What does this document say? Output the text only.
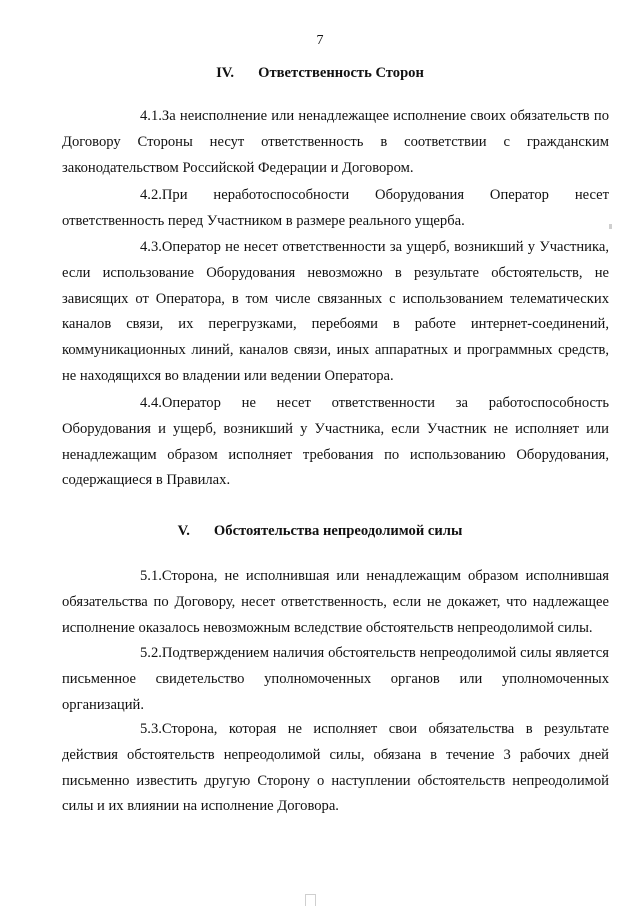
7
IV. Ответственность Сторон

4.1.За неисполнение или ненадлежащее исполнение своих обязательств по Договору Стороны несут ответственность в соответствии с гражданским законодательством Российской Федерации и Договором.

4.2.При неработоспособности Оборудования Оператор несет ответственность перед Участником в размере реального ущерба.

4.3.Оператор не несет ответственности за ущерб, возникший у Участника, если использование Оборудования невозможно в результате обстоятельств, не зависящих от Оператора, в том числе связанных с использованием телематических каналов связи, их перегрузками, перебоями в работе интернет-соединений, коммуникационных линий, каналов связи, иных аппаратных и программных средств, не находящихся во владении или ведении Оператора.

4.4.Оператор не несет ответственности за работоспособность Оборудования и ущерб, возникший у Участника, если Участник не исполняет или ненадлежащим образом исполняет требования по использованию Оборудования, содержащиеся в Правилах.

V. Обстоятельства непреодолимой силы

5.1.Сторона, не исполнившая или ненадлежащим образом исполнившая обязательства по Договору, несет ответственность, если не докажет, что надлежащее исполнение оказалось невозможным вследствие обстоятельств непреодолимой силы.

5.2.Подтверждением наличия обстоятельств непреодолимой силы является письменное свидетельство уполномоченных органов или уполномоченных организаций.

5.3.Сторона, которая не исполняет свои обязательства в результате действия обстоятельств непреодолимой силы, обязана в течение 3 рабочих дней письменно известить другую Сторону о наступлении обстоятельств непреодолимой силы и их влиянии на исполнение Договора.
